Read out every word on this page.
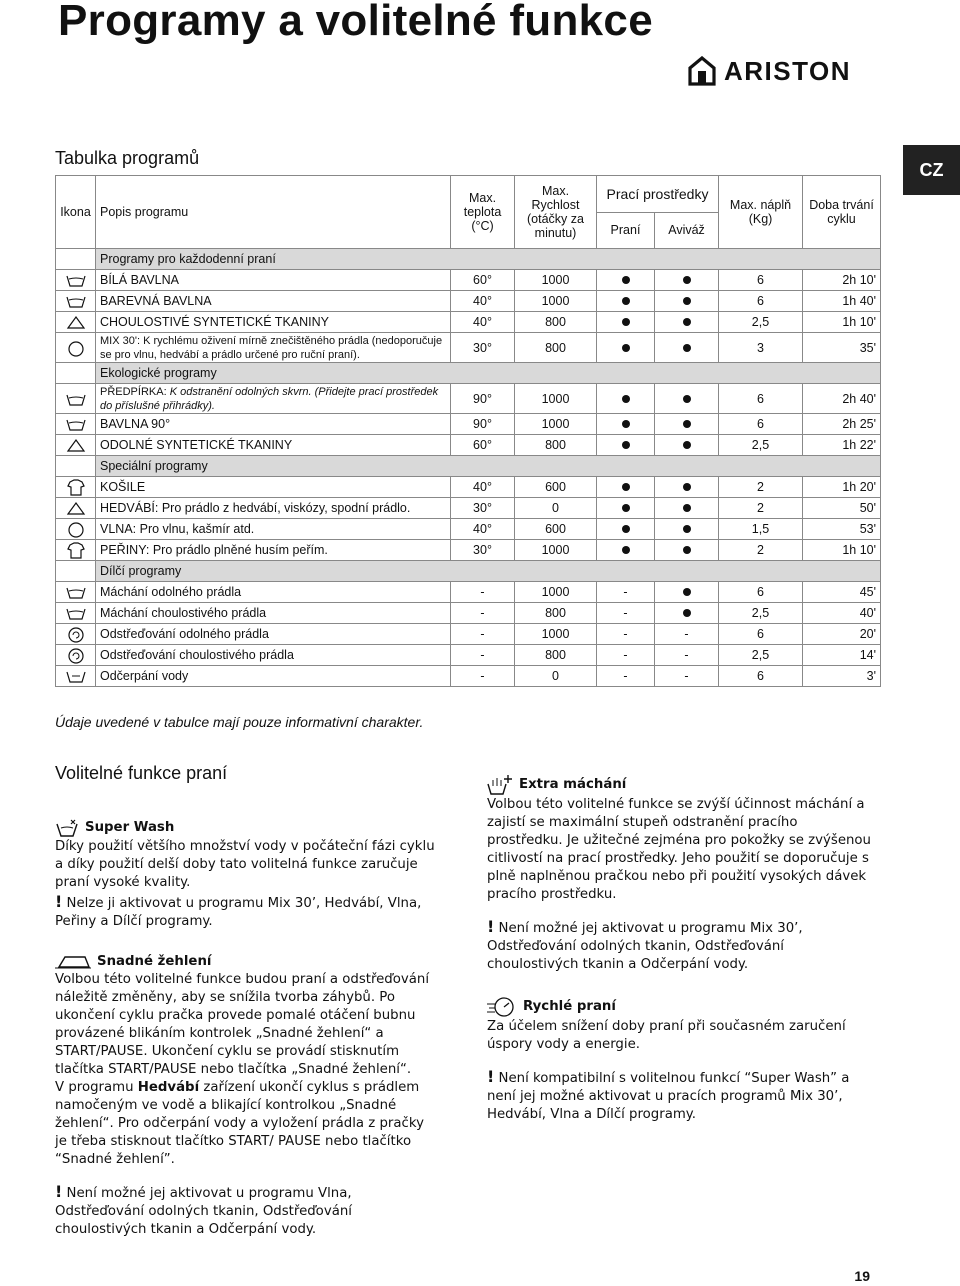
Programy a volitelné funkce
ARISTON
CZ
Tabulka programů
Ikona	Popis programu	Max. teplota (°C)	Max. Rychlost (otáčky za minutu)	Prací prostředky		Max. náplň (Kg)	Doba trvání cyklu
				Praní	Aviváž		
	Programy pro každodenní praní						

	BÍLÁ BAVLNA	60°	1000			6	2h 10'

	BAREVNÁ BAVLNA	40°	1000			6	1h 40'

	CHOULOSTIVÉ SYNTETICKÉ TKANINY	40°	800			2,5	1h 10'

	MIX 30': K rychlému oživení mírně znečištěného prádla (nedoporučuje se pro vlnu, hedvábí a prádlo určené pro ruční praní).	30°	800			3	35'
	Ekologické programy						

	PŘEDPÍRKA: K odstranění odolných skvrn. (Přidejte prací prostředek do příslušné přihrádky).	90°	1000			6	2h 40'

	BAVLNA 90°	90°	1000			6	2h 25'

	ODOLNÉ SYNTETICKÉ TKANINY	60°	800			2,5	1h 22'
	Speciální programy						

	KOŠILE	40°	600			2	1h 20'

	HEDVÁBÍ: Pro prádlo z hedvábí, viskózy, spodní prádlo.	30°	0			2	50'

	VLNA: Pro vlnu, kašmír atd.	40°	600			1,5	53'

	PEŘINY: Pro prádlo plněné husím peřím.	30°	1000			2	1h 10'
	Dílčí programy						

	Máchání odolného prádla	-	1000	-		6	45'

	Máchání choulostivého prádla	-	800	-		2,5	40'

	Odstřeďování odolného prádla	-	1000	-	-	6	20'

	Odstřeďování choulostivého prádla	-	800	-	-	2,5	14'

	Odčerpání vody	-	0	-	-	6	3'
Údaje uvedené v tabulce mají pouze informativní charakter.
Volitelné funkce praní
Super Wash

Díky použití většího množství vody v počáteční fázi cyklu a díky použití delší doby tato volitelná funkce zaručuje praní vysoké kvality.

! Nelze ji aktivovat u programu Mix 30’, Hedvábí, Vlna, Peřiny a Dílčí programy.

Snadné žehlení

Volbou této volitelné funkce budou praní a odstřeďování náležitě změněny, aby se snížila tvorba záhybů. Po ukončení cyklu pračka provede pomalé otáčení bubnu provázené blikáním kontrolek „Snadné žehlení“ a START/PAUSE. Ukončení cyklu se provádí stisknutím tlačítka START/PAUSE nebo tlačítka „Snadné žehlení“.

V programu Hedvábí zařízení ukončí cyklus s prádlem namočeným ve vodě a blikající kontrolkou „Snadné žehlení“. Pro odčerpání vody a vyložení prádla z pračky je třeba stisknout tlačítko START/ PAUSE nebo tlačítko “Snadné žehlení”.

! Není možné jej aktivovat u programu Vlna, Odstřeďování odolných tkanin, Odstřeďování choulostivých tkanin a Odčerpání vody.

Extra máchání

Volbou této volitelné funkce se zvýší účinnost máchání a zajistí se maximální stupeň odstranění pracího prostředku. Je užitečné zejména pro pokožky se zvýšenou citlivostí na prací prostředky. Jeho použití se doporučuje s plně naplněnou pračkou nebo při použití vysokých dávek pracího prostředku.

! Není možné jej aktivovat u programu Mix 30’, Odstřeďování odolných tkanin, Odstřeďování choulostivých tkanin a Odčerpání vody.

Rychlé praní

Za účelem snížení doby praní při současném zaručení úspory vody a energie.

! Není kompatibilní s volitelnou funkcí “Super Wash” a není jej možné aktivovat u pracích programů Mix 30’, Hedvábí, Vlna a Dílčí programy.

19
